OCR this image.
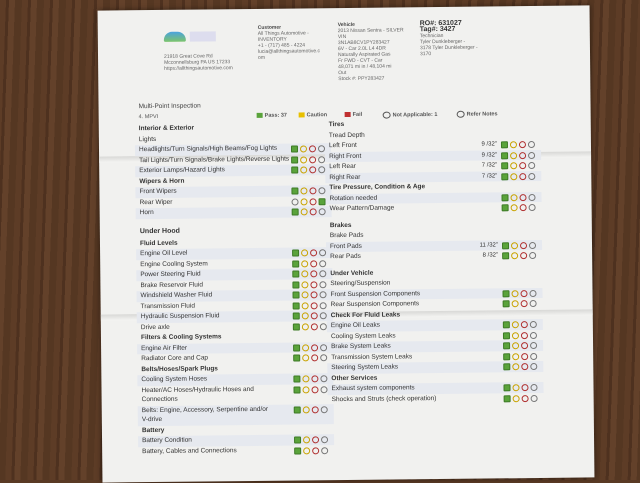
21918 Great Cove Rd
Mcconnellsburg PA US 17233
https://allthingsautomotive.com
Customer
All Things Automotive -
INVENTORY
+1 - (717) 485 - 4224
lucia@allthingsautomotive.c
om
Vehicle
2013 Nissan Sentra - SILVER
VIN
3N1AB8CV1PY283427
6V - Car 2.0L L4 4DR
Naturally Aspirated Gas
Fr FWD - CVT - Car
48,071 mi in / 48,104 mi
Out
Stock #: PPY283427
RO#: 631027
Tag#: 3427
Technician
Tyler Dunkleberger -
3178 Tyler Dunkleberger -
3170
Multi-Point Inspection
4. MPVI	Pass: 37	Caution	Fail	Not Applicable: 1	Refer Notes
Interior & Exterior
Lights
Headlights/Turn Signals/High Beams/Fog Lights
Tail Lights/Turn Signals/Brake Lights/Reverse Lights
Exterior Lamps/Hazard Lights
Wipers & Horn
Front Wipers
Rear Wiper
Horn
Under Hood
Fluid Levels
Engine Oil Level
Engine Cooling System
Power Steering Fluid
Brake Reservoir Fluid
Windshield Washer Fluid
Transmission Fluid
Hydraulic Suspension Fluid
Drive axle
Filters & Cooling Systems
Engine Air Filter
Radiator Core and Cap
Belts/Hoses/Spark Plugs
Cooling System Hoses
Heater/AC Hoses/Hydraulic Hoses and Connections
Belts: Engine, Accessory, Serpentine and/or V-drive
Battery
Battery Condition
Battery, Cables and Connections
Tires
Tread Depth
Left Front	9 /32"
Right Front	9 /32"
Left Rear	7 /32"
Right Rear	7 /32"
Tire Pressure, Condition & Age
Rotation needed
Wear Pattern/Damage
Brakes
Brake Pads
Front Pads	11 /32"
Rear Pads	8 /32"
Under Vehicle
Steering/Suspension
Front Suspension Components
Rear Suspension Components
Check For Fluid Leaks
Engine Oil Leaks
Cooling System Leaks
Brake System Leaks
Transmission System Leaks
Steering System Leaks
Other Services
Exhaust system components
Shocks and Struts (check operation)
